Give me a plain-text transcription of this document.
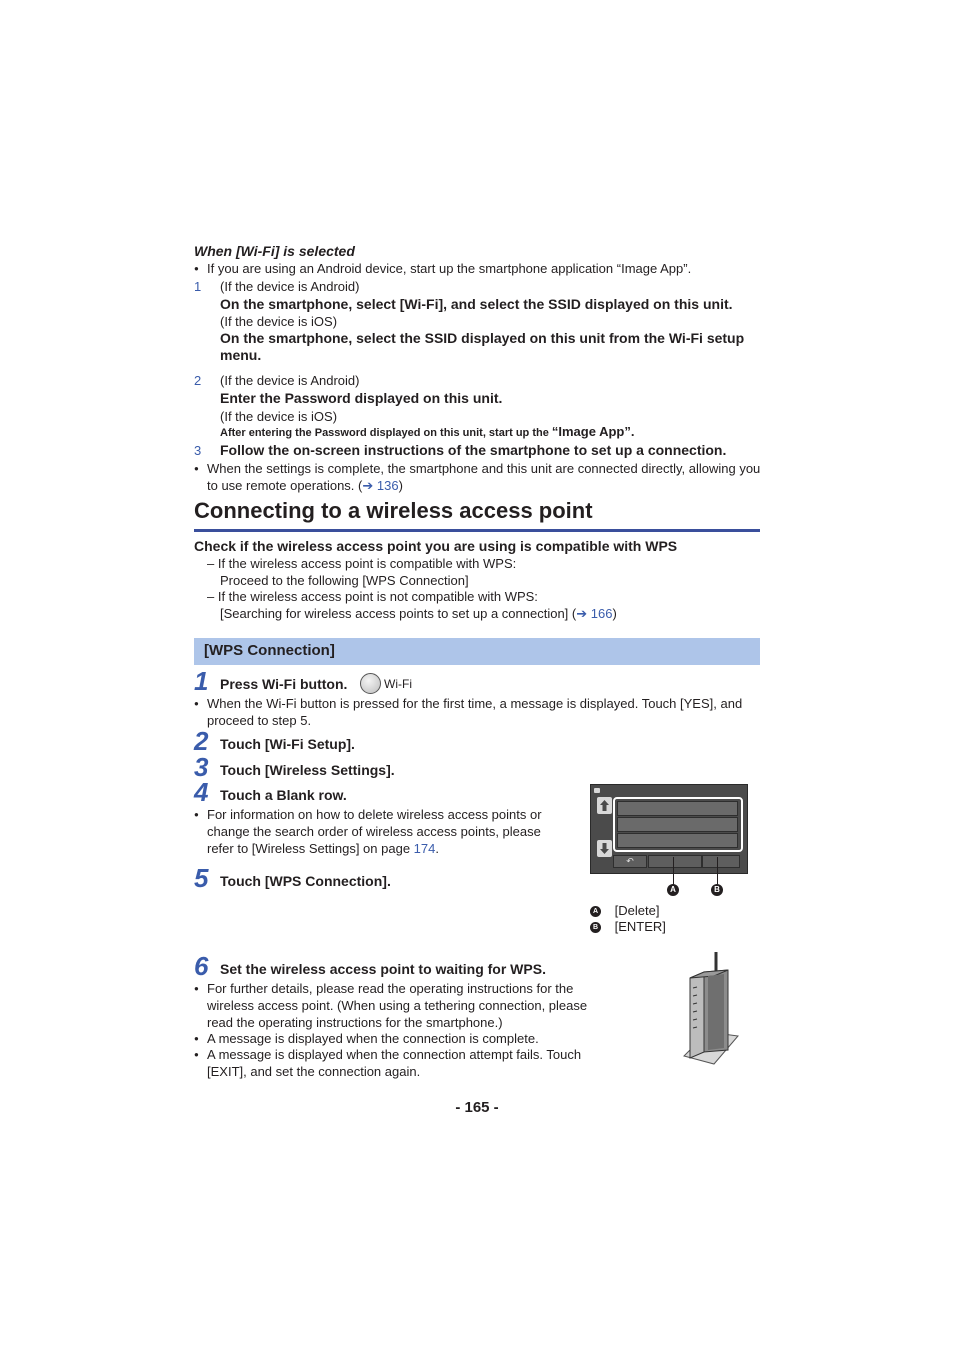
When [Wi-Fi] is selected
● If you are using an Android device, start up the smartphone application “Image App”.
1 (If the device is Android)
On the smartphone, select [Wi-Fi], and select the SSID displayed on this unit.
(If the device is iOS)
On the smartphone, select the SSID displayed on this unit from the Wi-Fi setup menu.
2 (If the device is Android)
Enter the Password displayed on this unit.
(If the device is iOS)
After entering the Password displayed on this unit, start up the “Image App”.
3 Follow the on-screen instructions of the smartphone to set up a connection.
● When the settings is complete, the smartphone and this unit are connected directly, allowing you to use remote operations. (➔ 136)
Connecting to a wireless access point
Check if the wireless access point you are using is compatible with WPS
– If the wireless access point is compatible with WPS:
Proceed to the following [WPS Connection]
– If the wireless access point is not compatible with WPS:
[Searching for wireless access points to set up a connection] (➔ 166)
[WPS Connection]
1 Press Wi-Fi button.	Wi-Fi
● When the Wi-Fi button is pressed for the first time, a message is displayed. Touch [YES], and proceed to step 5.
2 Touch [Wi-Fi Setup].
3 Touch [Wireless Settings].
4 Touch a Blank row.
● For information on how to delete wireless access points or change the search order of wireless access points, please refer to [Wireless Settings] on page 174.
↶
A	B
5 Touch [WPS Connection].
A [Delete]
B [ENTER]
6 Set the wireless access point to waiting for WPS.
● For further details, please read the operating instructions for the wireless access point. (When using a tethering connection, please read the operating instructions for the smartphone.)
● A message is displayed when the connection is complete.
● A message is displayed when the connection attempt fails. Touch [EXIT], and set the connection again.
- 165 -
